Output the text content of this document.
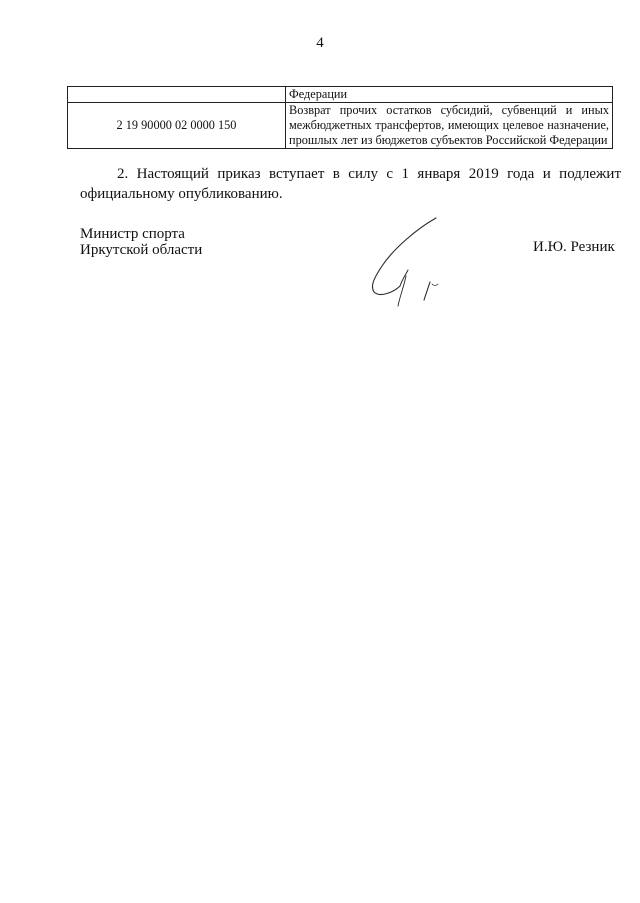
4
	Федерации
2 19 90000 02 0000 150	Возврат прочих остатков субсидий, субвенций и иных межбюджетных трансфертов, имеющих целевое назначение, прошлых лет из бюджетов субъектов Российской Федерации

2. Настоящий приказ вступает в силу с 1 января 2019 года и подлежит официальному опубликованию.

Министр спорта
Иркутской области	И.Ю. Резник
